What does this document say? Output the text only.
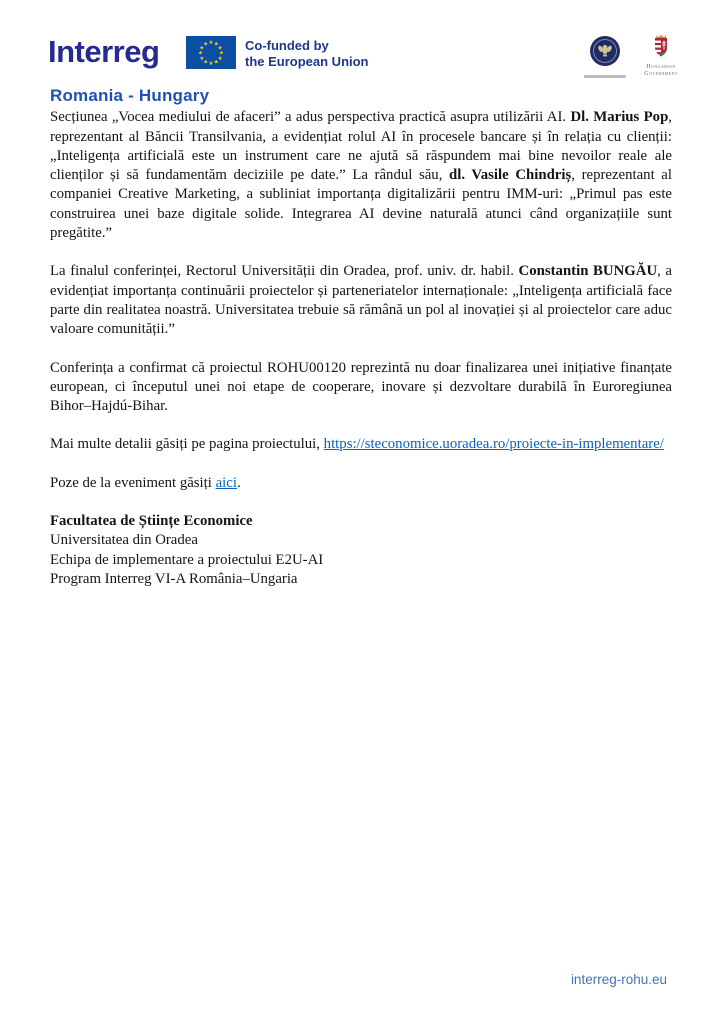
Interreg	★ ★
★
★
★
★
★
★
★
★
★
★	Co-funded by
the European Union	Hungarian
Government
Romania - Hungary

Secțiunea „Vocea mediului de afaceri” a adus perspectiva practică asupra utilizării AI. Dl. Marius Pop, reprezentant al Băncii Transilvania, a evidențiat rolul AI în procesele bancare și în relația cu clienții: „Inteligența artificială este un instrument care ne ajută să răspundem mai bine nevoilor reale ale clienților și să fundamentăm deciziile pe date.” La rândul său, dl. Vasile Chindriș, reprezentant al companiei Creative Marketing, a subliniat importanța digitalizării pentru IMM-uri: „Primul pas este construirea unei baze digitale solide. Integrarea AI devine naturală atunci când organizațiile sunt pregătite.”

La finalul conferinței, Rectorul Universității din Oradea, prof. univ. dr. habil. Constantin BUNGĂU, a evidențiat importanța continuării proiectelor și parteneriatelor internaționale: „Inteligența artificială face parte din realitatea noastră. Universitatea trebuie să rămână un pol al inovației și al proiectelor care aduc valoare comunității.”

Conferința a confirmat că proiectul ROHU00120 reprezintă nu doar finalizarea unei inițiative finanțate european, ci începutul unei noi etape de cooperare, inovare și dezvoltare durabilă în Euroregiunea Bihor–Hajdú-Bihar.

Mai multe detalii găsiți pe pagina proiectului, https://steconomice.uoradea.ro/proiecte-in-implementare/

Poze de la eveniment găsiți aici.

Facultatea de Științe Economice
Universitatea din Oradea
Echipa de implementare a proiectului E2U-AI
Program Interreg VI-A România–Ungaria
interreg-rohu.eu
